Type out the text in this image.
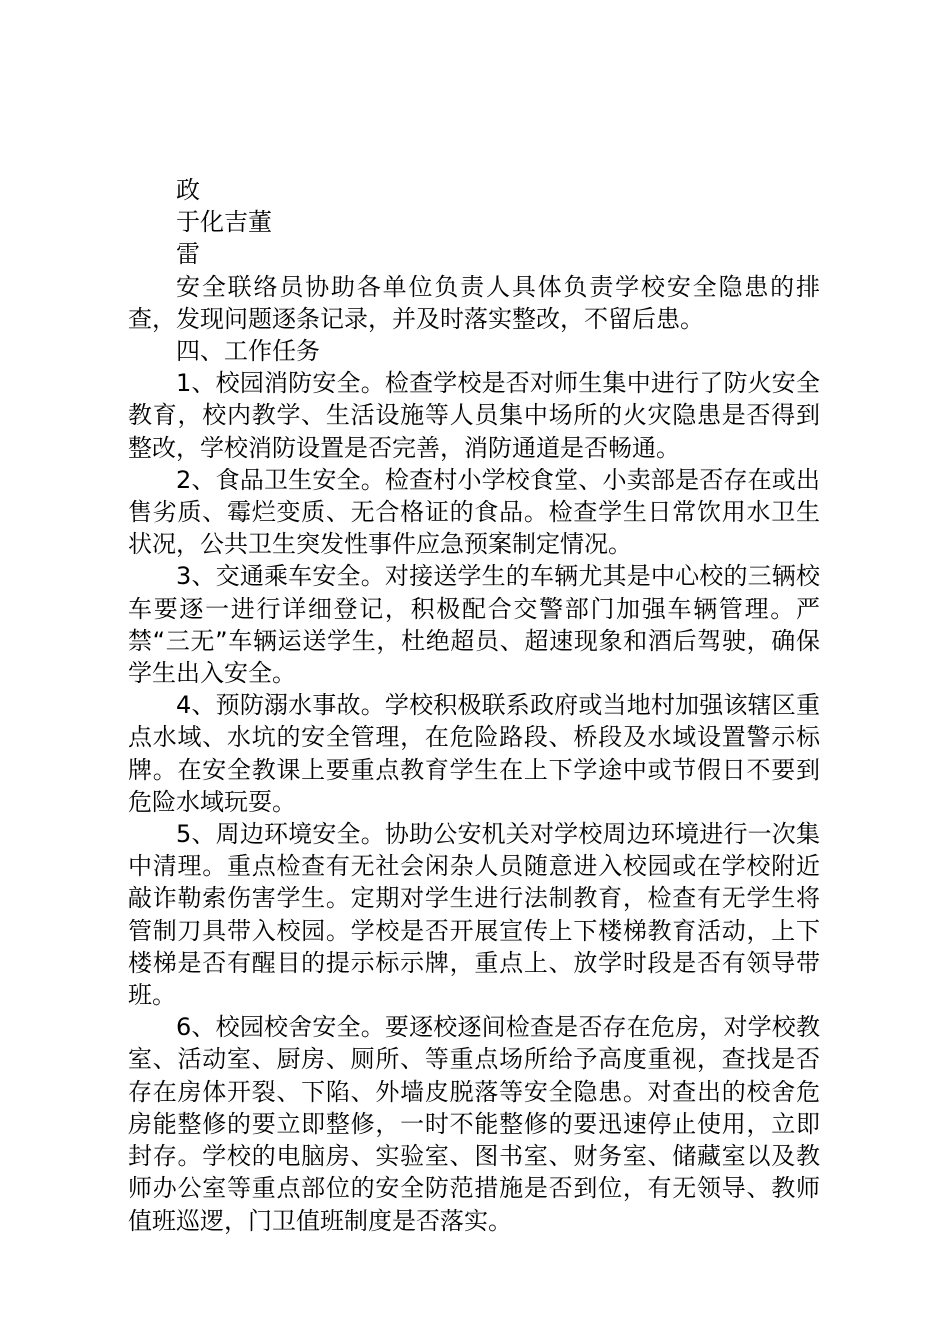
政

于化吉董

雷

安全联络员协助各单位负责人具体负责学校安全隐患的排查，发现问题逐条记录，并及时落实整改，不留后患。

四、工作任务

1、校园消防安全。检查学校是否对师生集中进行了防火安全教育，校内教学、生活设施等人员集中场所的火灾隐患是否得到整改，学校消防设置是否完善，消防通道是否畅通。

2、食品卫生安全。检查村小学校食堂、小卖部是否存在或出售劣质、霉烂变质、无合格证的食品。检查学生日常饮用水卫生状况，公共卫生突发性事件应急预案制定情况。

3、交通乘车安全。对接送学生的车辆尤其是中心校的三辆校车要逐一进行详细登记，积极配合交警部门加强车辆管理。严禁“三无”车辆运送学生，杜绝超员、超速现象和酒后驾驶，确保学生出入安全。

4、预防溺水事故。学校积极联系政府或当地村加强该辖区重点水域、水坑的安全管理，在危险路段、桥段及水域设置警示标牌。在安全教课上要重点教育学生在上下学途中或节假日不要到危险水域玩耍。

5、周边环境安全。协助公安机关对学校周边环境进行一次集中清理。重点检查有无社会闲杂人员随意进入校园或在学校附近敲诈勒索伤害学生。定期对学生进行法制教育，检查有无学生将管制刀具带入校园。学校是否开展宣传上下楼梯教育活动，上下楼梯是否有醒目的提示标示牌，重点上、放学时段是否有领导带班。

6、校园校舍安全。要逐校逐间检查是否存在危房，对学校教室、活动室、厨房、厕所、等重点场所给予高度重视，查找是否存在房体开裂、下陷、外墙皮脱落等安全隐患。对查出的校舍危房能整修的要立即整修，一时不能整修的要迅速停止使用，立即封存。学校的电脑房、实验室、图书室、财务室、储藏室以及教师办公室等重点部位的安全防范措施是否到位，有无领导、教师值班巡逻，门卫值班制度是否落实。
